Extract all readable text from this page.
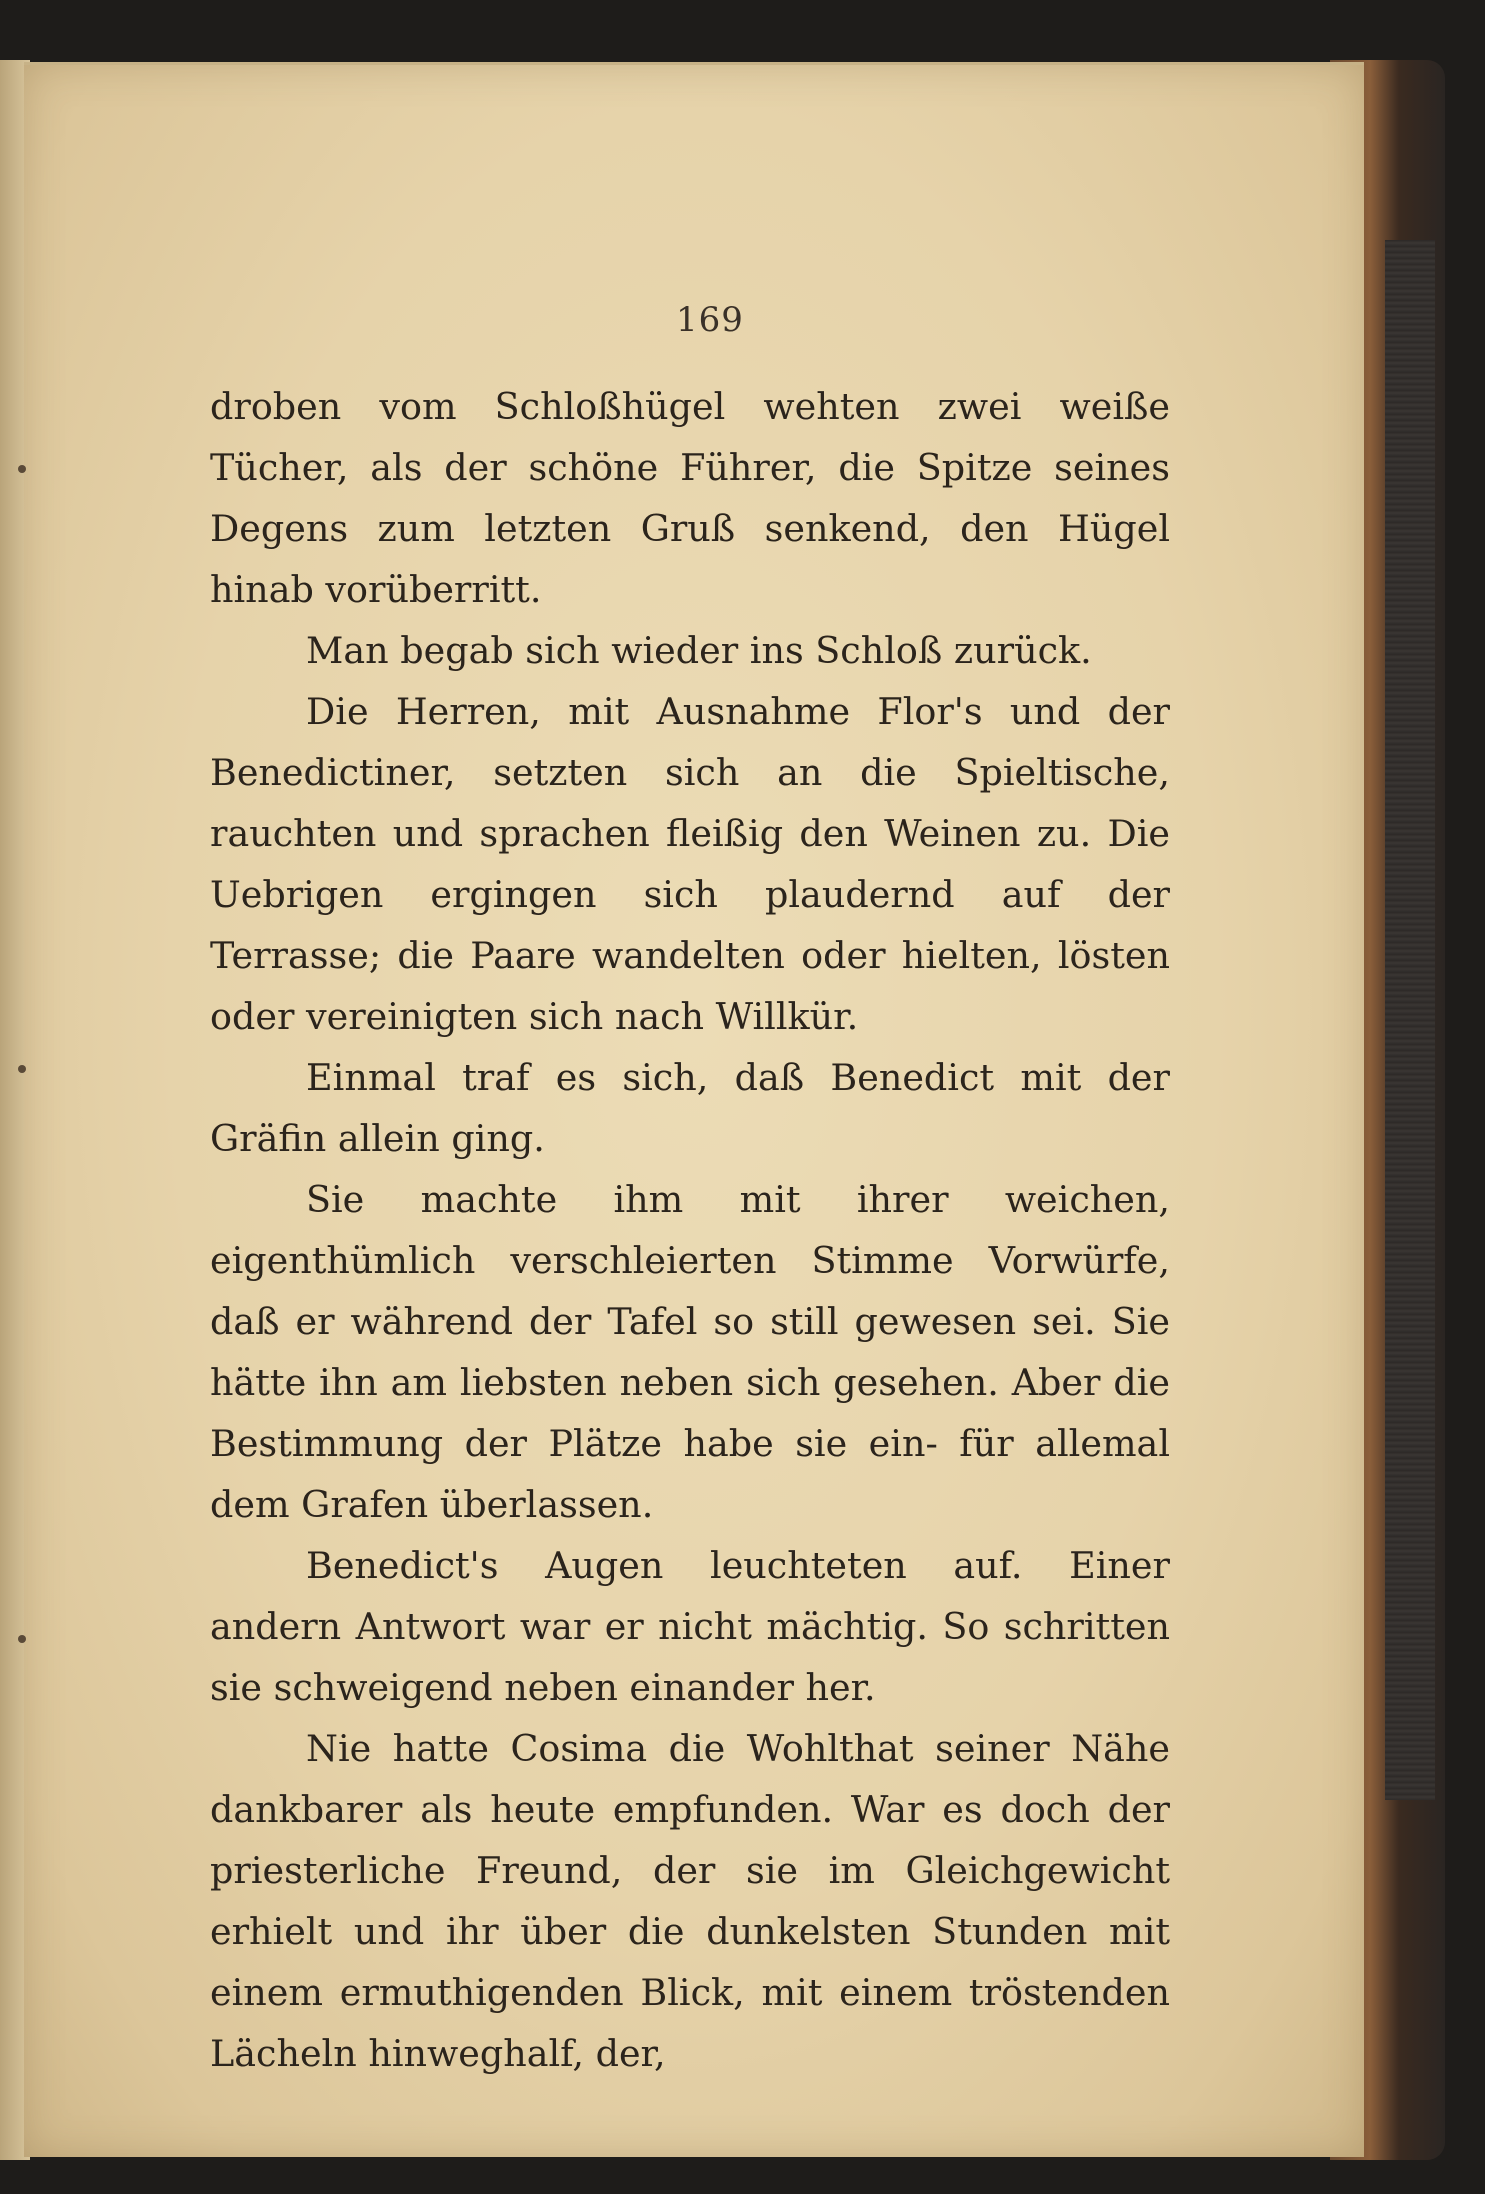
169

droben vom Schloßhügel wehten zwei weiße Tücher, als der schöne Führer, die Spitze seines Degens zum letzten Gruß senkend, den Hügel hinab vorüberritt.

Man begab sich wieder ins Schloß zurück.

Die Herren, mit Ausnahme Flor's und der Benedictiner, setzten sich an die Spieltische, rauchten und sprachen fleißig den Weinen zu. Die Uebrigen ergingen sich plaudernd auf der Terrasse; die Paare wandelten oder hielten, lösten oder vereinigten sich nach Willkür.

Einmal traf es sich, daß Benedict mit der Gräfin allein ging.

Sie machte ihm mit ihrer weichen, eigenthümlich verschleierten Stimme Vorwürfe, daß er während der Tafel so still gewesen sei. Sie hätte ihn am liebsten neben sich gesehen. Aber die Bestimmung der Plätze habe sie ein- für allemal dem Grafen überlassen.

Benedict's Augen leuchteten auf. Einer andern Antwort war er nicht mächtig. So schritten sie schweigend neben einander her.

Nie hatte Cosima die Wohlthat seiner Nähe dankbarer als heute empfunden. War es doch der priesterliche Freund, der sie im Gleichgewicht erhielt und ihr über die dunkelsten Stunden mit einem ermuthigenden Blick, mit einem tröstenden Lächeln hinweghalf, der,
